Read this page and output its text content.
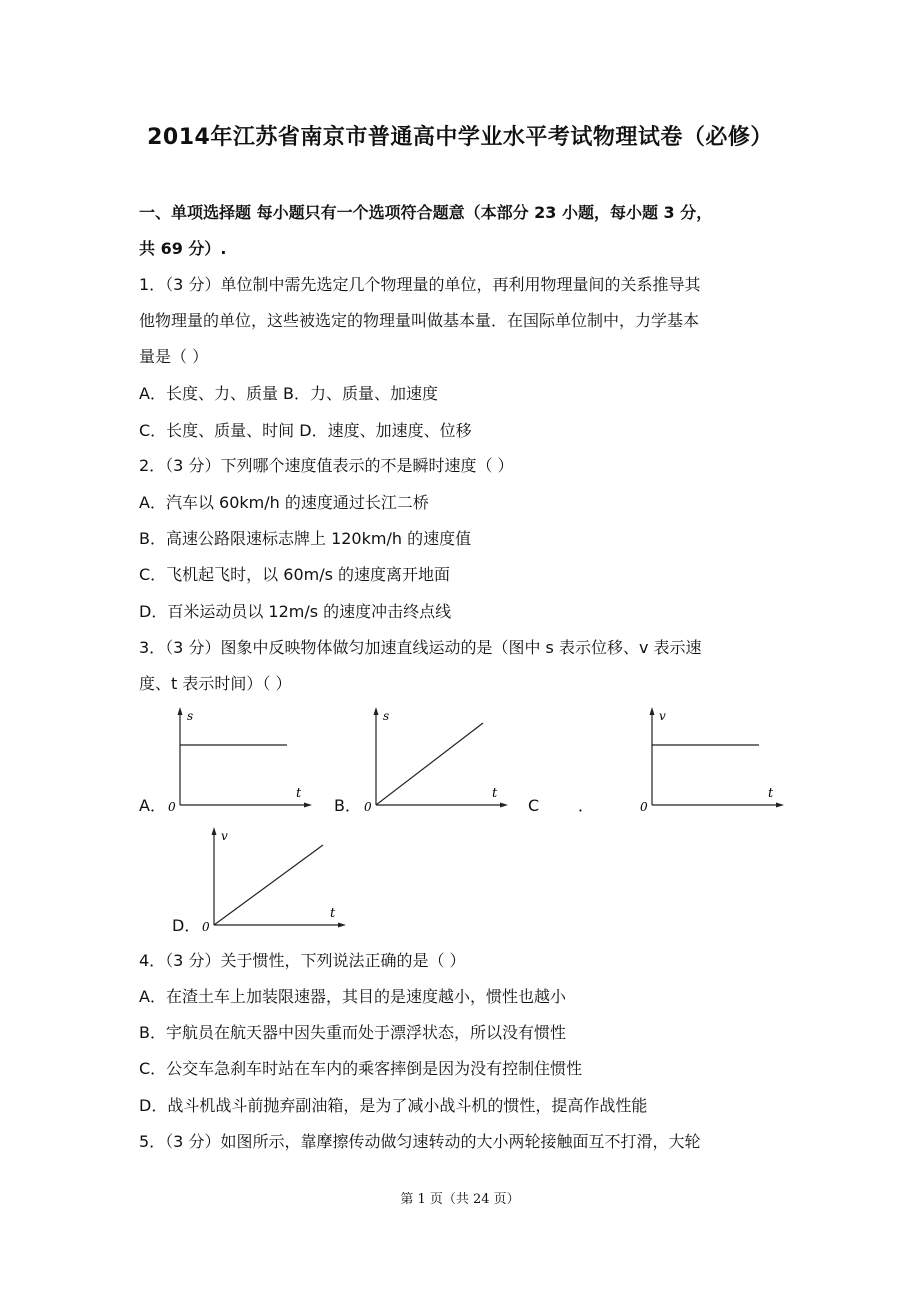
2014年江苏省南京市普通高中学业水平考试物理试卷（必修）
一、单项选择题 每小题只有一个选项符合题意（本部分 23 小题，每小题 3 分，
共 69 分）.
1．（3 分）单位制中需先选定几个物理量的单位，再利用物理量间的关系推导其
他物理量的单位，这些被选定的物理量叫做基本量．在国际单位制中，力学基本
量是（ ）
A．长度、力、质量 B．力、质量、加速度
C．长度、质量、时间 D．速度、加速度、位移
2．（3 分）下列哪个速度值表示的不是瞬时速度（ ）
A．汽车以 60km/h 的速度通过长江二桥
B．高速公路限速标志牌上 120km/h 的速度值
C．飞机起飞时，以 60m/s 的速度离开地面
D．百米运动员以 12m/s 的速度冲击终点线
3．（3 分）图象中反映物体做匀加速直线运动的是（图中 s 表示位移、v 表示速
度、t 表示时间）（ ）
A．
s
t
0	B．
s
t
0	C ．
v
t
0
D．
v
t
0
4．（3 分）关于惯性，下列说法正确的是（ ）
A．在渣土车上加装限速器，其目的是速度越小，惯性也越小
B．宇航员在航天器中因失重而处于漂浮状态，所以没有惯性
C．公交车急刹车时站在车内的乘客摔倒是因为没有控制住惯性
D．战斗机战斗前抛弃副油箱，是为了减小战斗机的惯性，提高作战性能
5．（3 分）如图所示，靠摩擦传动做匀速转动的大小两轮接触面互不打滑，大轮
第 1 页（共 24 页）
